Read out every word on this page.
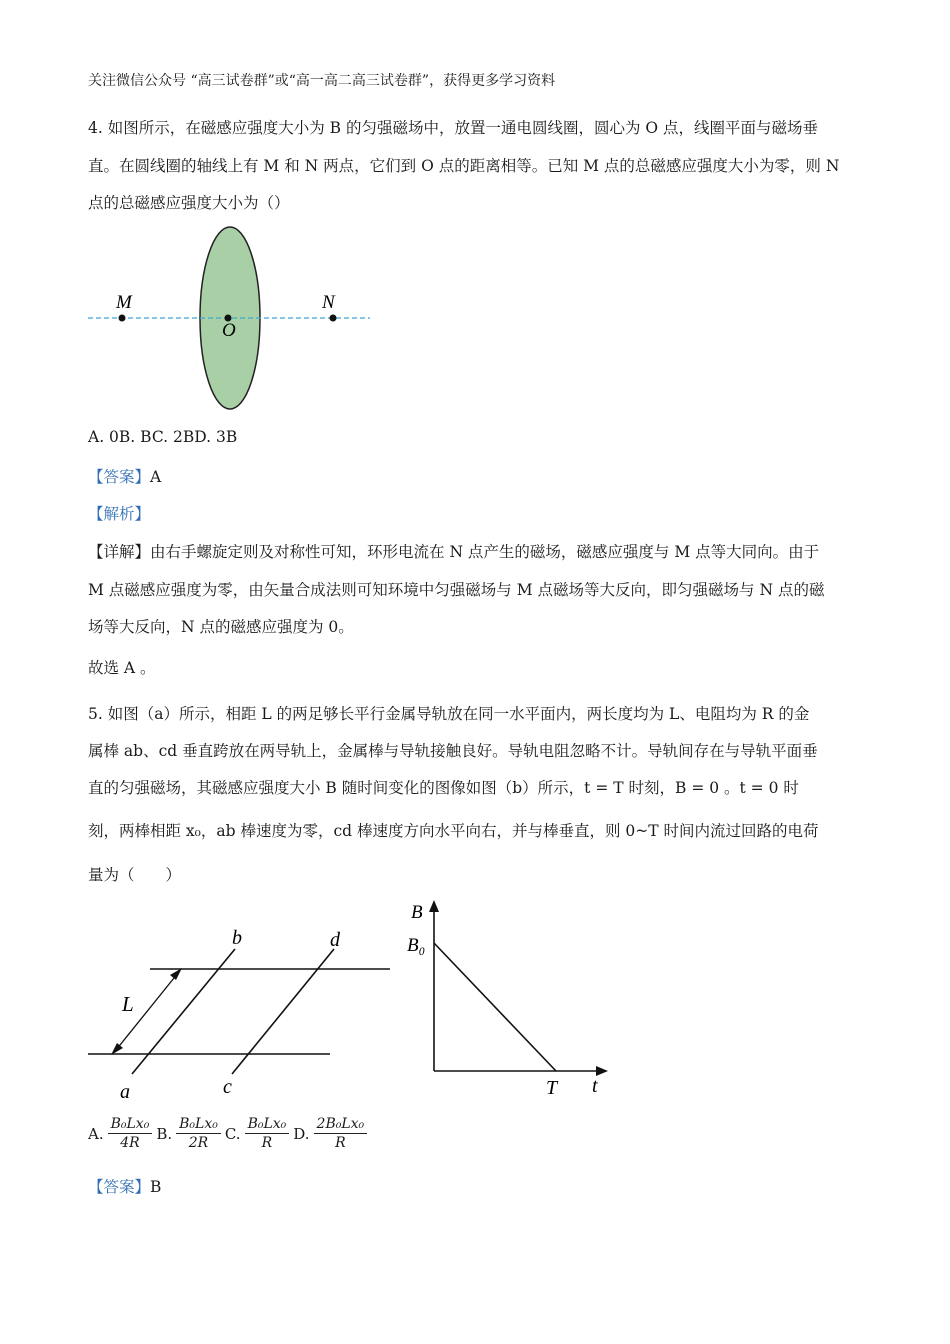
关注微信公众号 “高三试卷群”或“高一高二高三试卷群”，获得更多学习资料
4. 如图所示，在磁感应强度大小为 B 的匀强磁场中，放置一通电圆线圈，圆心为 O 点，线圈平面与磁场垂
直。在圆线圈的轴线上有 M 和 N 两点，它们到 O 点的距离相等。已知 M 点的总磁感应强度大小为零，则 N
点的总磁感应强度大小为（）
M
O
N
A. 0B. BC. 2BD. 3B
【答案】A
【解析】
【详解】由右手螺旋定则及对称性可知，环形电流在 N 点产生的磁场，磁感应强度与 M 点等大同向。由于
M 点磁感应强度为零，由矢量合成法则可知环境中匀强磁场与 M 点磁场等大反向，即匀强磁场与 N 点的磁
场等大反向，N 点的磁感应强度为 0。
故选 A 。
5. 如图（a）所示，相距 L 的两足够长平行金属导轨放在同一水平面内，两长度均为 L、电阻均为 R 的金
属棒 ab、cd 垂直跨放在两导轨上，金属棒与导轨接触良好。导轨电阻忽略不计。导轨间存在与导轨平面垂
直的匀强磁场，其磁感应强度大小 B 随时间变化的图像如图（b）所示，t = T 时刻，B = 0 。t = 0 时
刻，两棒相距 x₀，ab 棒速度为零，cd 棒速度方向水平向右，并与棒垂直，则 0~T 时间内流过回路的电荷
量为（　　）
b	d
L
a	c
B
B₀
T t
A. $\frac{\text{B₀Lx₀}}{4R} B$. $\frac{\text{B₀Lx₀}}{2R} C$. $\frac{\text{B₀Lx₀}}{R} D$. $\frac{\text{2B₀Lx₀}}{R}$
【答案】B
